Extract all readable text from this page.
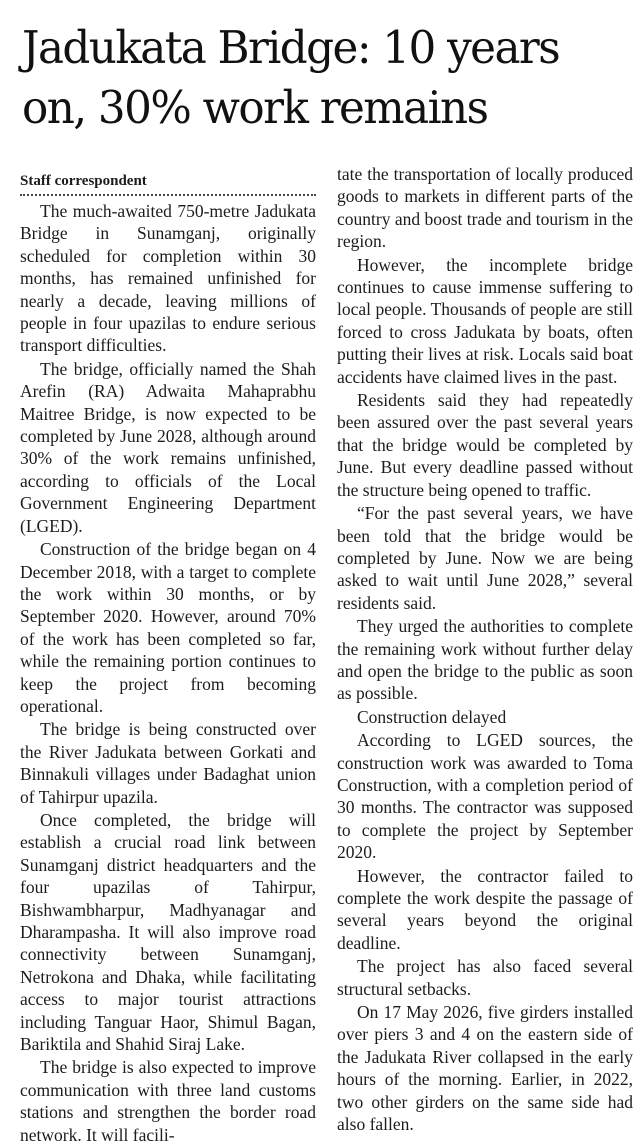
Jadukata Bridge: 10 years on, 30% work remains
Staff correspondent

The much-awaited 750-metre Jadukata Bridge in Sunamganj, originally scheduled for completion within 30 months, has remained unfinished for nearly a decade, leaving millions of people in four upazilas to endure serious transport difficulties.

The bridge, officially named the Shah Arefin (RA) Adwaita Mahaprabhu Maitree Bridge, is now expected to be completed by June 2028, although around 30% of the work remains unfinished, according to officials of the Local Government Engineering Department (LGED).

Construction of the bridge began on 4 December 2018, with a target to complete the work within 30 months, or by September 2020. However, around 70% of the work has been completed so far, while the remaining portion continues to keep the project from becoming operational.

The bridge is being constructed over the River Jadukata between Gorkati and Binnakuli villages under Badaghat union of Tahirpur upazila.

Once completed, the bridge will establish a crucial road link between Sunamganj district headquarters and the four upazilas of Tahirpur, Bishwambharpur, Madhyanagar and Dharampasha. It will also improve road connectivity between Sunamganj, Netrokona and Dhaka, while facilitating access to major tourist attractions including Tanguar Haor, Shimul Bagan, Bariktila and Shahid Siraj Lake.

The bridge is also expected to improve communication with three land customs stations and strengthen the border road network. It will facili-

tate the transportation of locally produced goods to markets in different parts of the country and boost trade and tourism in the region.

However, the incomplete bridge continues to cause immense suffering to local people. Thousands of people are still forced to cross Jadukata by boats, often putting their lives at risk. Locals said boat accidents have claimed lives in the past.

Residents said they had repeatedly been assured over the past several years that the bridge would be completed by June. But every deadline passed without the structure being opened to traffic.

“For the past several years, we have been told that the bridge would be completed by June. Now we are being asked to wait until June 2028,” several residents said.

They urged the authorities to complete the remaining work without further delay and open the bridge to the public as soon as possible.

Construction delayed

According to LGED sources, the construction work was awarded to Toma Construction, with a completion period of 30 months. The contractor was supposed to complete the project by September 2020.

However, the contractor failed to complete the work despite the passage of several years beyond the original deadline.

The project has also faced several structural setbacks.

On 17 May 2026, five girders installed over piers 3 and 4 on the eastern side of the Jadukata River collapsed in the early hours of the morning. Earlier, in 2022, two other girders on the same side had also fallen.
